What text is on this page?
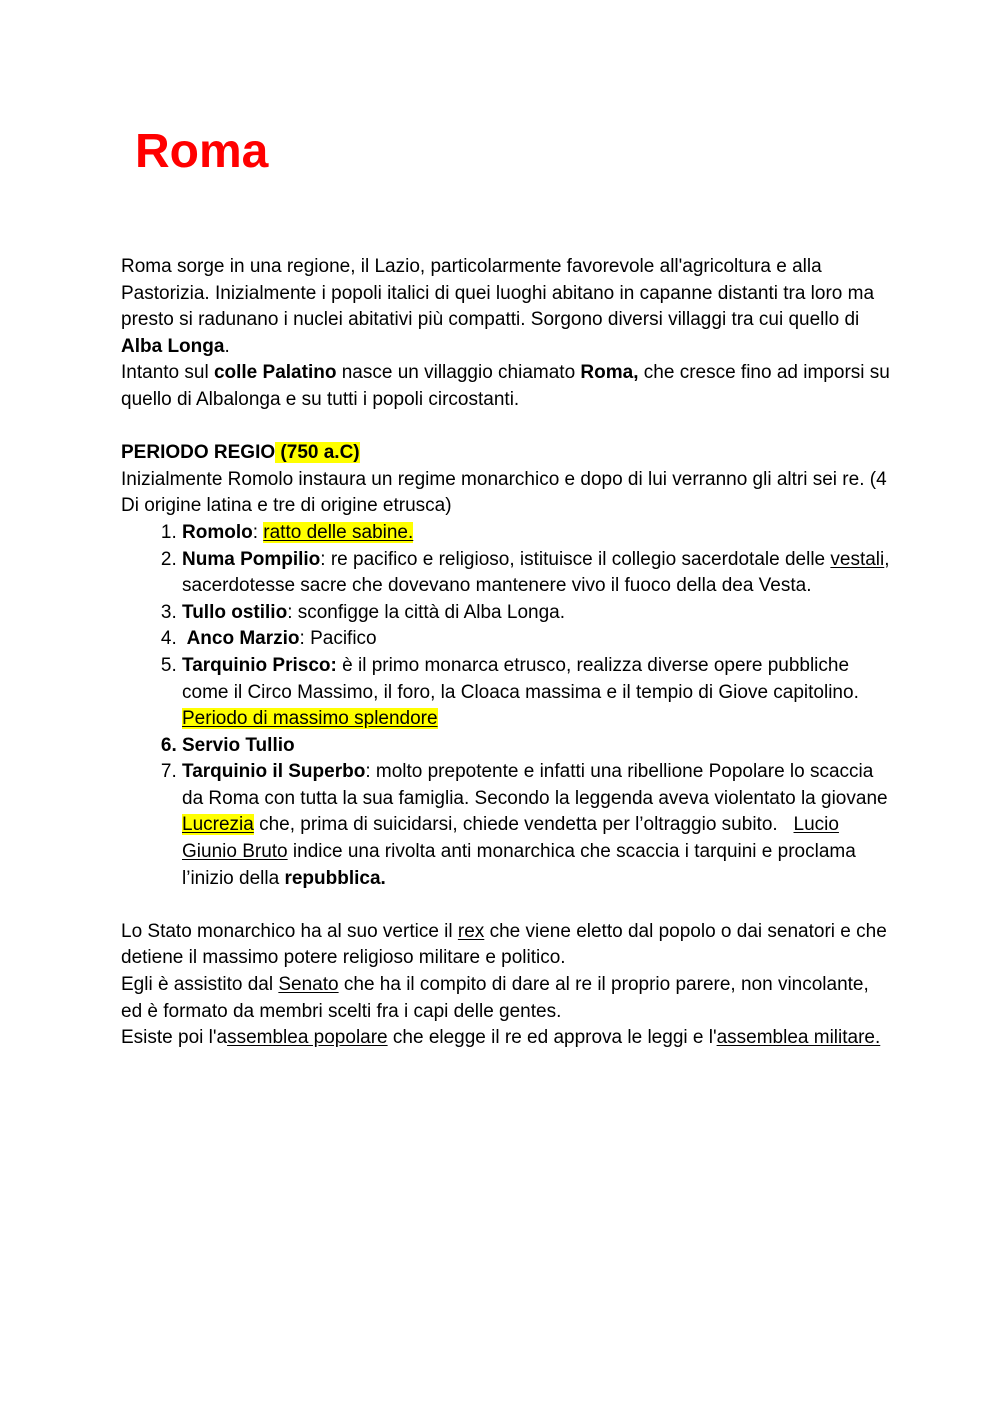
Roma

Roma sorge in una regione, il Lazio, particolarmente favorevole all'agricoltura e alla Pastorizia. Inizialmente i popoli italici di quei luoghi abitano in capanne distanti tra loro ma presto si radunano i nuclei abitativi più compatti. Sorgono diversi villaggi tra cui quello di Alba Longa.

Intanto sul colle Palatino nasce un villaggio chiamato Roma, che cresce fino ad imporsi su quello di Albalonga e su tutti i popoli circostanti.

PERIODO REGIO (750 a.C)

Inizialmente Romolo instaura un regime monarchico e dopo di lui verranno gli altri sei re. (4 Di origine latina e tre di origine etrusca)

1. Romolo: ratto delle sabine.
2. Numa Pompilio: re pacifico e religioso, istituisce il collegio sacerdotale delle vestali, sacerdotesse sacre che dovevano mantenere vivo il fuoco della dea Vesta.
3. Tullo ostilio: sconfigge la città di Alba Longa.
4.  Anco Marzio: Pacifico
5. Tarquinio Prisco: è il primo monarca etrusco, realizza diverse opere pubbliche come il Circo Massimo, il foro, la Cloaca massima e il tempio di Giove capitolino. Periodo di massimo splendore
6. Servio Tullio
7. Tarquinio il Superbo: molto prepotente e infatti una ribellione Popolare lo scaccia da Roma con tutta la sua famiglia. Secondo la leggenda aveva violentato la giovane Lucrezia che, prima di suicidarsi, chiede vendetta per l’oltraggio subito.   Lucio Giunio Bruto indice una rivolta anti monarchica che scaccia i tarquini e proclama l’inizio della repubblica.

Lo Stato monarchico ha al suo vertice il rex che viene eletto dal popolo o dai senatori e che detiene il massimo potere religioso militare e politico.

Egli è assistito dal Senato che ha il compito di dare al re il proprio parere, non vincolante, ed è formato da membri scelti fra i capi delle gentes.

Esiste poi l'assemblea popolare che elegge il re ed approva le leggi e l'assemblea militare.
